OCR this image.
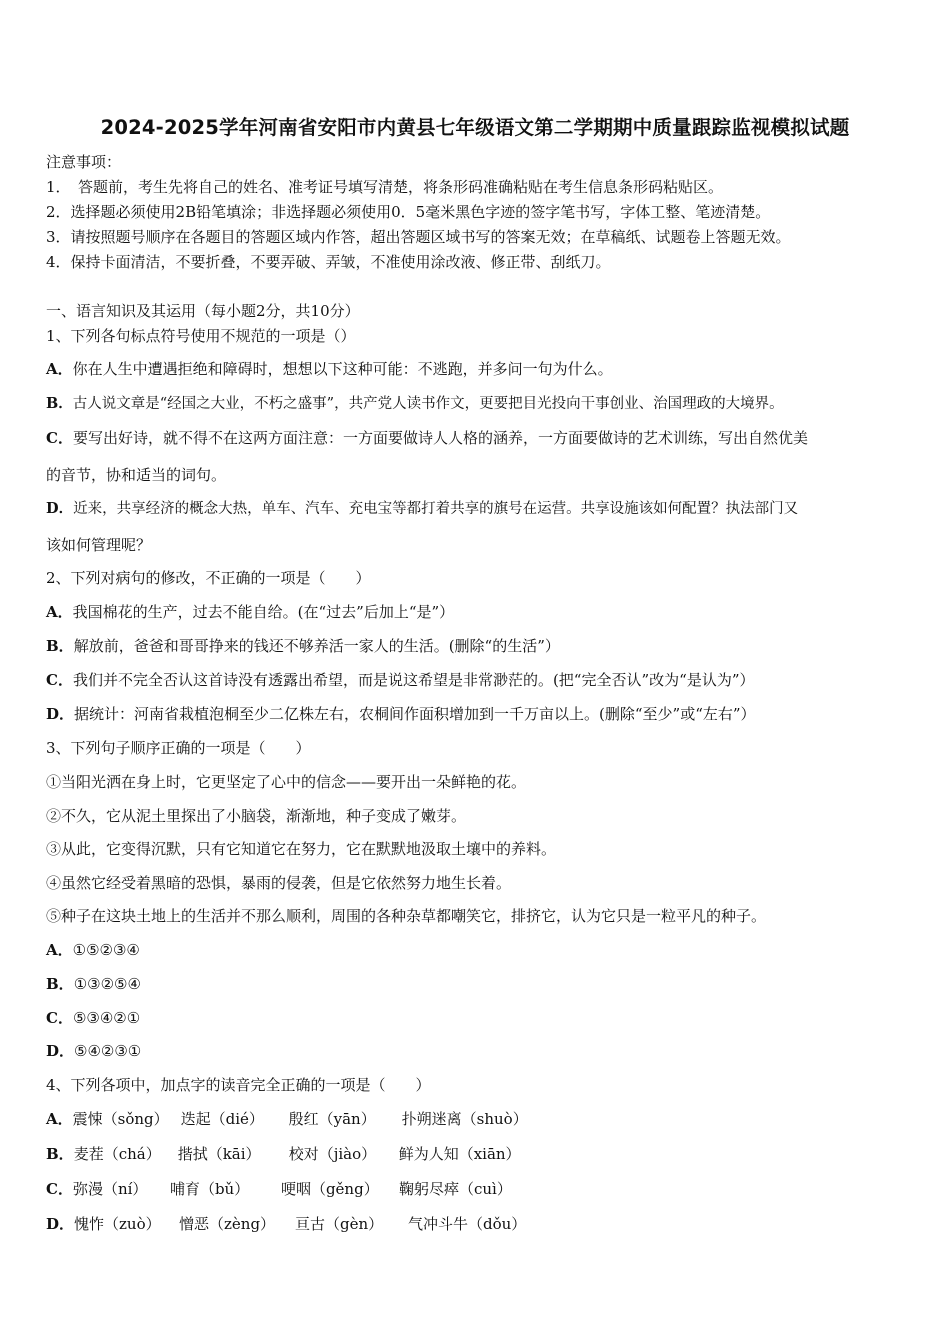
2024-2025学年河南省安阳市内黄县七年级语文第二学期期中质量跟踪监视模拟试题
注意事项：
1．　答题前，考生先将自己的姓名、准考证号填写清楚，将条形码准确粘贴在考生信息条形码粘贴区。
2．选择题必须使用2B铅笔填涂；非选择题必须使用0．5毫米黑色字迹的签字笔书写，字体工整、笔迹清楚。
3．请按照题号顺序在各题目的答题区域内作答，超出答题区域书写的答案无效；在草稿纸、试题卷上答题无效。
4．保持卡面清洁，不要折叠，不要弄破、弄皱，不准使用涂改液、修正带、刮纸刀。
一、语言知识及其运用（每小题2分，共10分）
1、下列各句标点符号使用不规范的一项是（）
A．你在人生中遭遇拒绝和障碍时，想想以下这种可能：不逃跑，并多问一句为什么。
B．古人说文章是“经国之大业，不朽之盛事”，共产党人读书作文，更要把目光投向干事创业、治国理政的大境界。
C．要写出好诗，就不得不在这两方面注意：一方面要做诗人人格的涵养，一方面要做诗的艺术训练，写出自然优美
的音节，协和适当的词句。
D．近来，共享经济的概念大热，单车、汽车、充电宝等都打着共享的旗号在运营。共享设施该如何配置？执法部门又
该如何管理呢？
2、下列对病句的修改，不正确的一项是（　　）
A．我国棉花的生产，过去不能自给。(在“过去”后加上“是”）
B．解放前，爸爸和哥哥挣来的钱还不够养活一家人的生活。(删除“的生活”）
C．我们并不完全否认这首诗没有透露出希望，而是说这希望是非常渺茫的。(把“完全否认”改为“是认为”）
D．据统计：河南省栽植泡桐至少二亿株左右，农桐间作面积增加到一千万亩以上。(删除“至少”或“左右”）
3、下列句子顺序正确的一项是（　　）
①当阳光洒在身上时，它更坚定了心中的信念——要开出一朵鲜艳的花。
②不久，它从泥土里探出了小脑袋，渐渐地，种子变成了嫩芽。
③从此，它变得沉默，只有它知道它在努力，它在默默地汲取土壤中的养料。
④虽然它经受着黑暗的恐惧，暴雨的侵袭，但是它依然努力地生长着。
⑤种子在这块土地上的生活并不那么顺利，周围的各种杂草都嘲笑它，排挤它，认为它只是一粒平凡的种子。
A．①⑤②③④
B．①③②⑤④
C．⑤③④②①
D．⑤④②③①
4、下列各项中，加点字的读音完全正确的一项是（　　）
A．震悚（sǒng） 迭起（dié） 殷红（yān） 扑朔迷离（shuò）
B．麦茬（chá） 揩拭（kāi） 校对（jiào） 鲜为人知（xiān）
C．弥漫（ní） 哺育（bǔ） 哽咽（gěng） 鞠躬尽瘁（cuì）
D．愧怍（zuò） 憎恶（zèng） 亘古（gèn） 气冲斗牛（dǒu）
